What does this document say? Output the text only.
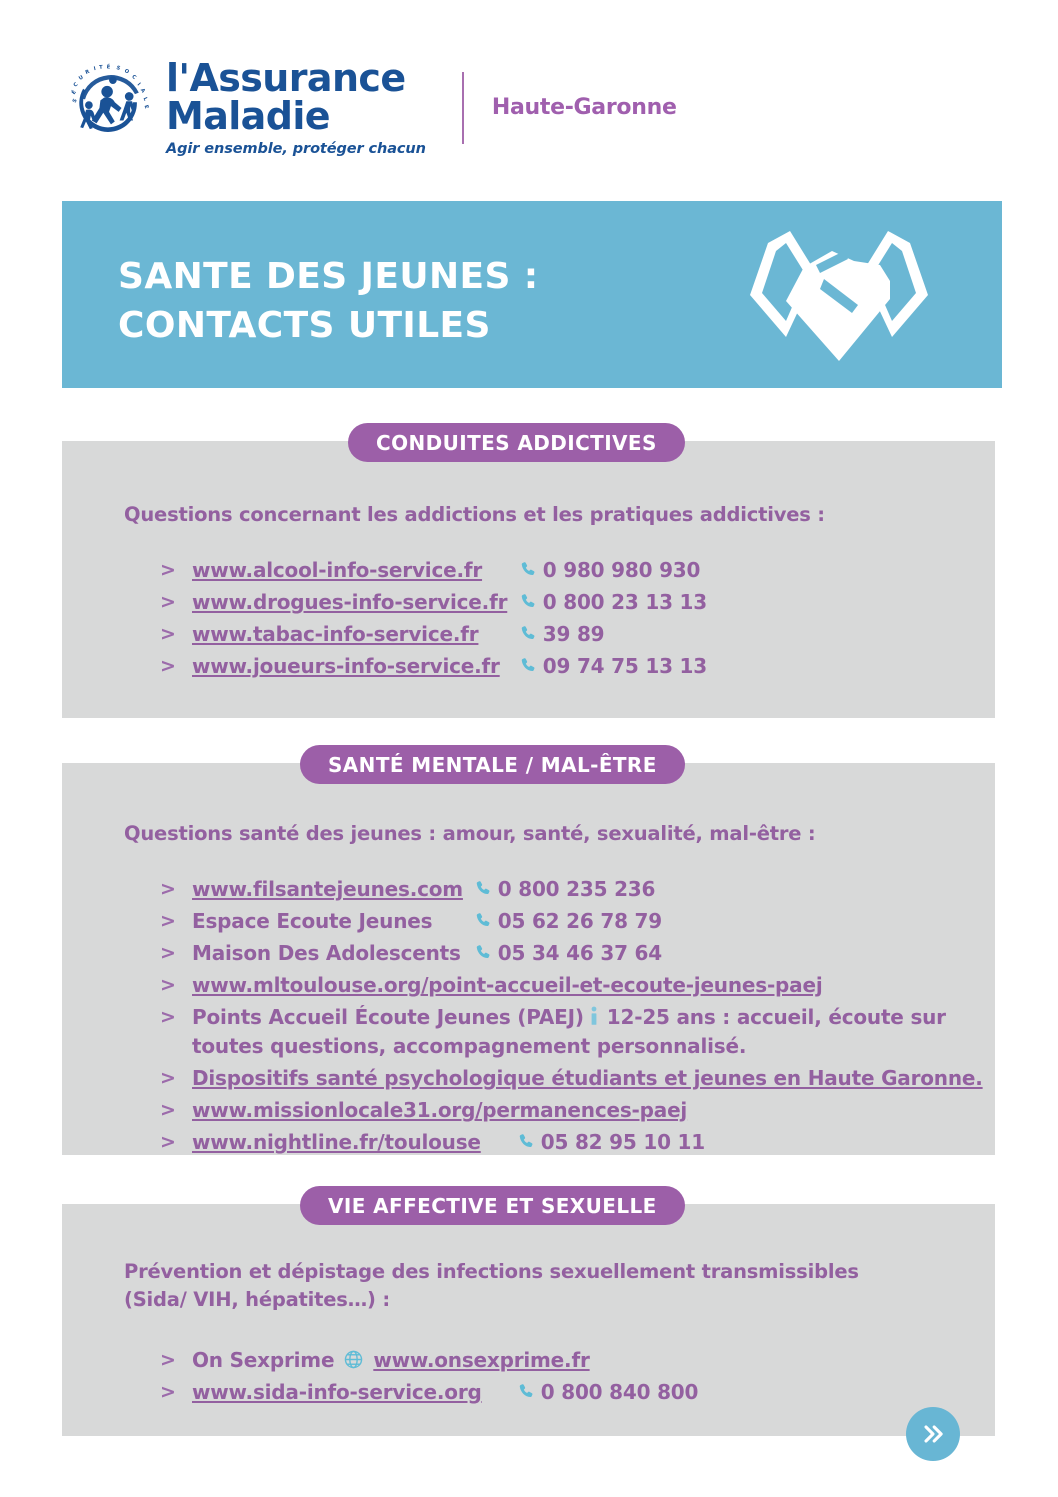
S
É
C
U
R I T É S O
C
I
A
L
E
l'Assurance
Maladie
Agir ensemble, protéger chacun
Haute-Garonne
SANTE DES JEUNES :
CONTACTS UTILES
CONDUITES ADDICTIVES
Questions concernant les addictions et les pratiques addictives :
> www.alcool-info-service.fr	0 980 980 930
> www.drogues-info-service.fr 0 800 23 13 13
> www.tabac-info-service.fr	39 89
> www.joueurs-info-service.fr 09 74 75 13 13
SANTÉ MENTALE / MAL-ÊTRE
Questions santé des jeunes : amour, santé, sexualité, mal-être :
> www.filsantejeunes.com 0 800 235 236
> Espace Ecoute Jeunes	05 62 26 78 79
> Maison Des Adolescents 05 34 46 37 64
> www.mltoulouse.org/point-accueil-et-ecoute-jeunes-paej
> Points Accueil Écoute Jeunes (PAEJ) 12-25 ans : accueil, écoute sur toutes questions, accompagnement personnalisé.
> Dispositifs santé psychologique étudiants et jeunes en Haute Garonne.
> www.missionlocale31.org/permanences-paej
> www.nightline.fr/toulouse	05 82 95 10 11
VIE AFFECTIVE ET SEXUELLE
Prévention et dépistage des infections sexuellement transmissibles (Sida/ VIH, hépatites…) :
> On Sexprime www.onsexprime.fr
> www.sida-info-service.org	0 800 840 800
